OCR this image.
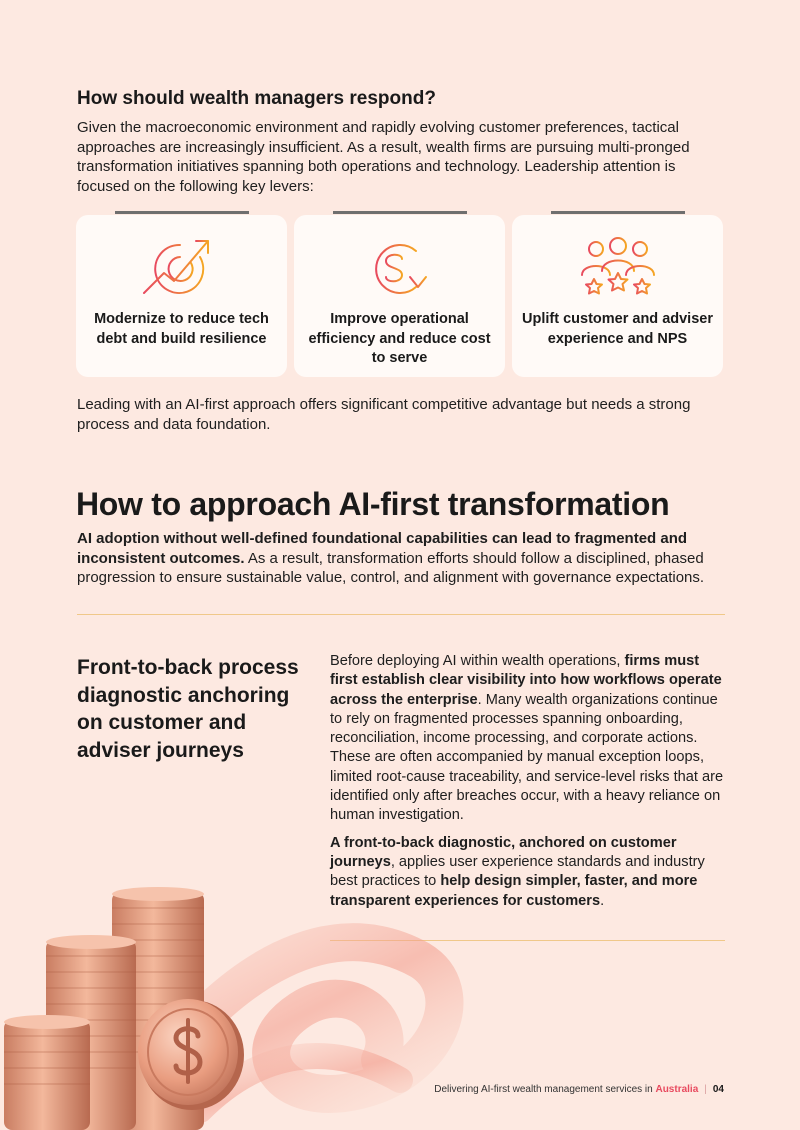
How should wealth managers respond?

Given the macroeconomic environment and rapidly evolving customer preferences, tactical approaches are increasingly insufficient. As a result, wealth firms are pursuing multi-pronged transformation initiatives spanning both operations and technology. Leadership attention is focused on the following key levers:

Modernize to reduce tech debt and build resilience
Improve operational efficiency and reduce cost to serve
Uplift customer and adviser experience and NPS

Leading with an AI-first approach offers significant competitive advantage but needs a strong process and data foundation.

How to approach AI-first transformation

AI adoption without well-defined foundational capabilities can lead to fragmented and inconsistent outcomes. As a result, transformation efforts should follow a disciplined, phased progression to ensure sustainable value, control, and alignment with governance expectations.

Front-to-back process diagnostic anchoring on customer and adviser journeys

Before deploying AI within wealth operations, firms must first establish clear visibility into how workflows operate across the enterprise. Many wealth organizations continue to rely on fragmented processes spanning onboarding, reconciliation, income processing, and corporate actions. These are often accompanied by manual exception loops, limited root-cause traceability, and service-level risks that are identified only after breaches occur, with a heavy reliance on human investigation.

A front-to-back diagnostic, anchored on customer journeys, applies user experience standards and industry best practices to help design simpler, faster, and more transparent experiences for customers.

Delivering AI-first wealth management services in Australia | 04
